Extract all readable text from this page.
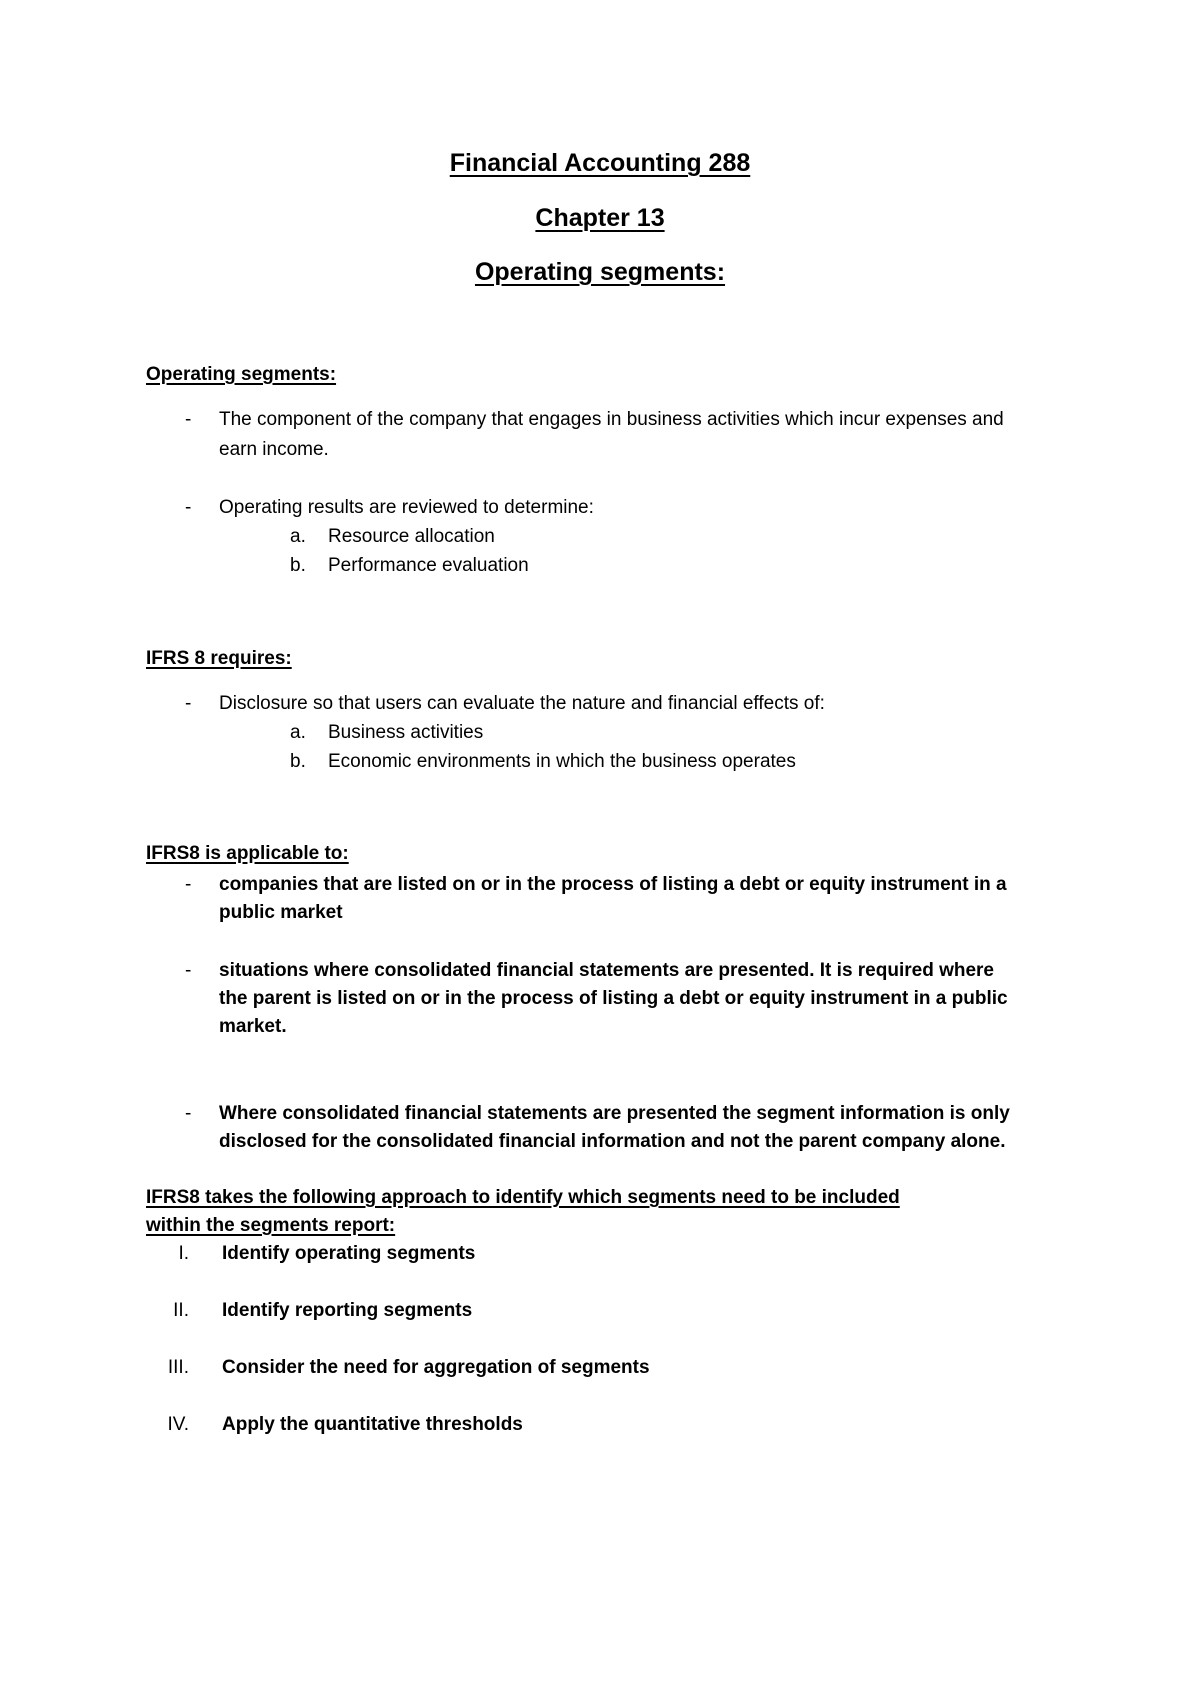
Financial Accounting 288
Chapter 13
Operating segments:
Operating segments:
- The component of the company that engages in business activities which incur expenses and
earn income.
- Operating results are reviewed to determine:
a. Resource allocation
b. Performance evaluation
IFRS 8 requires:
- Disclosure so that users can evaluate the nature and financial effects of:
a. Business activities
b. Economic environments in which the business operates
IFRS8 is applicable to:
- companies that are listed on or in the process of listing a debt or equity instrument in a
public market
- situations where consolidated financial statements are presented. It is required where
the parent is listed on or in the process of listing a debt or equity instrument in a public
market.
- Where consolidated financial statements are presented the segment information is only
disclosed for the consolidated financial information and not the parent company alone.
IFRS8 takes the following approach to identify which segments need to be included
within the segments report:
I. Identify operating segments
II. Identify reporting segments
III. Consider the need for aggregation of segments
IV. Apply the quantitative thresholds
